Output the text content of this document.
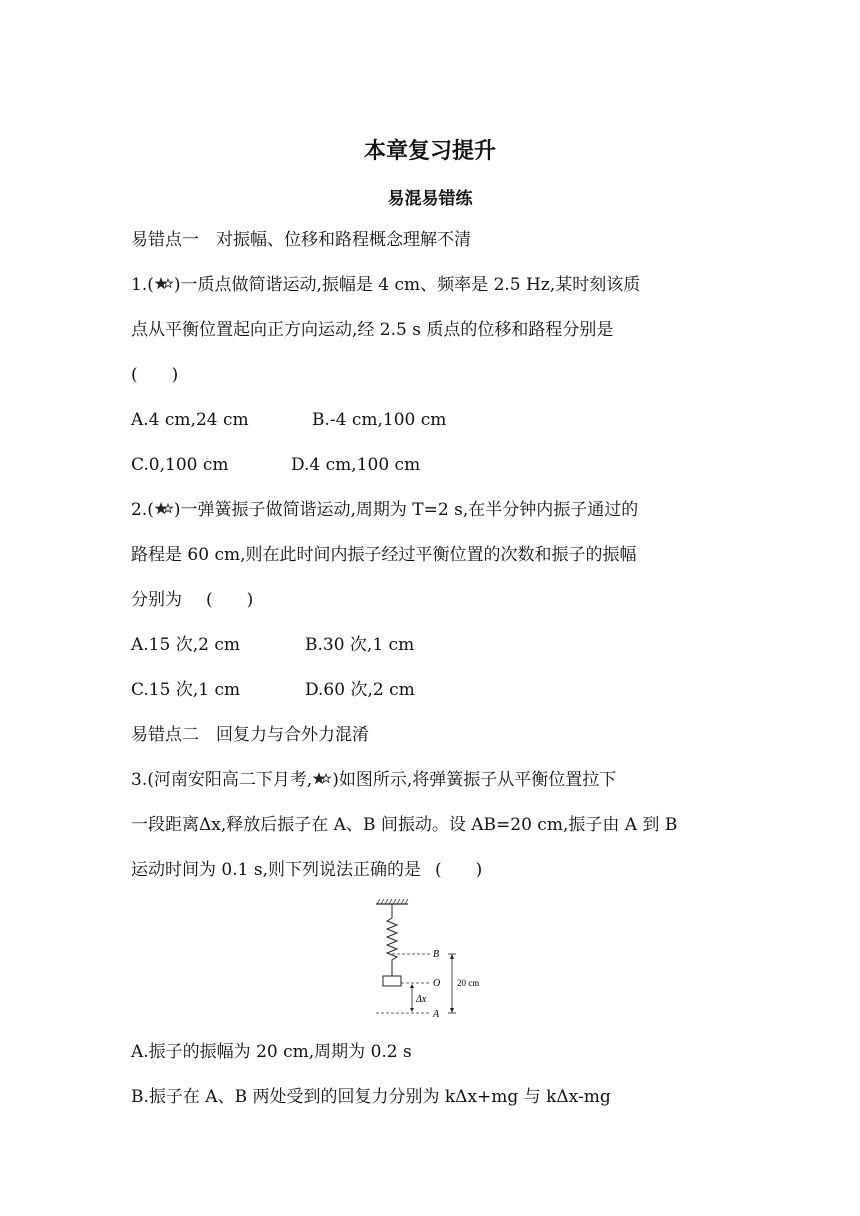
本章复习提升
易混易错练
易错点一　对振幅、位移和路程概念理解不清
1.( )一质点做简谐运动,振幅是 4 cm、频率是 2.5 Hz,某时刻该质
点从平衡位置起向正方向运动,经 2.5 s 质点的位移和路程分别是
(　　)
A.4 cm,24 cm	B.-4 cm,100 cm
C.0,100 cm	D.4 cm,100 cm
2.( )一弹簧振子做简谐运动,周期为 T=2 s,在半分钟内振子通过的
路程是 60 cm,则在此时间内振子经过平衡位置的次数和振子的振幅
分别为 (　　)
A.15 次,2 cm	B.30 次,1 cm
C.15 次,1 cm	D.60 次,2 cm
易错点二　回复力与合外力混淆
3.(河南安阳高二下月考, )如图所示,将弹簧振子从平衡位置拉下
一段距离Δx,释放后振子在 A、B 间振动。设 AB=20 cm,振子由 A 到 B
运动时间为 0.1 s,则下列说法正确的是 (　　)
B
O
A
Δx
20 cm
A.振子的振幅为 20 cm,周期为 0.2 s
B.振子在 A、B 两处受到的回复力分别为 kΔx+mg 与 kΔx-mg
